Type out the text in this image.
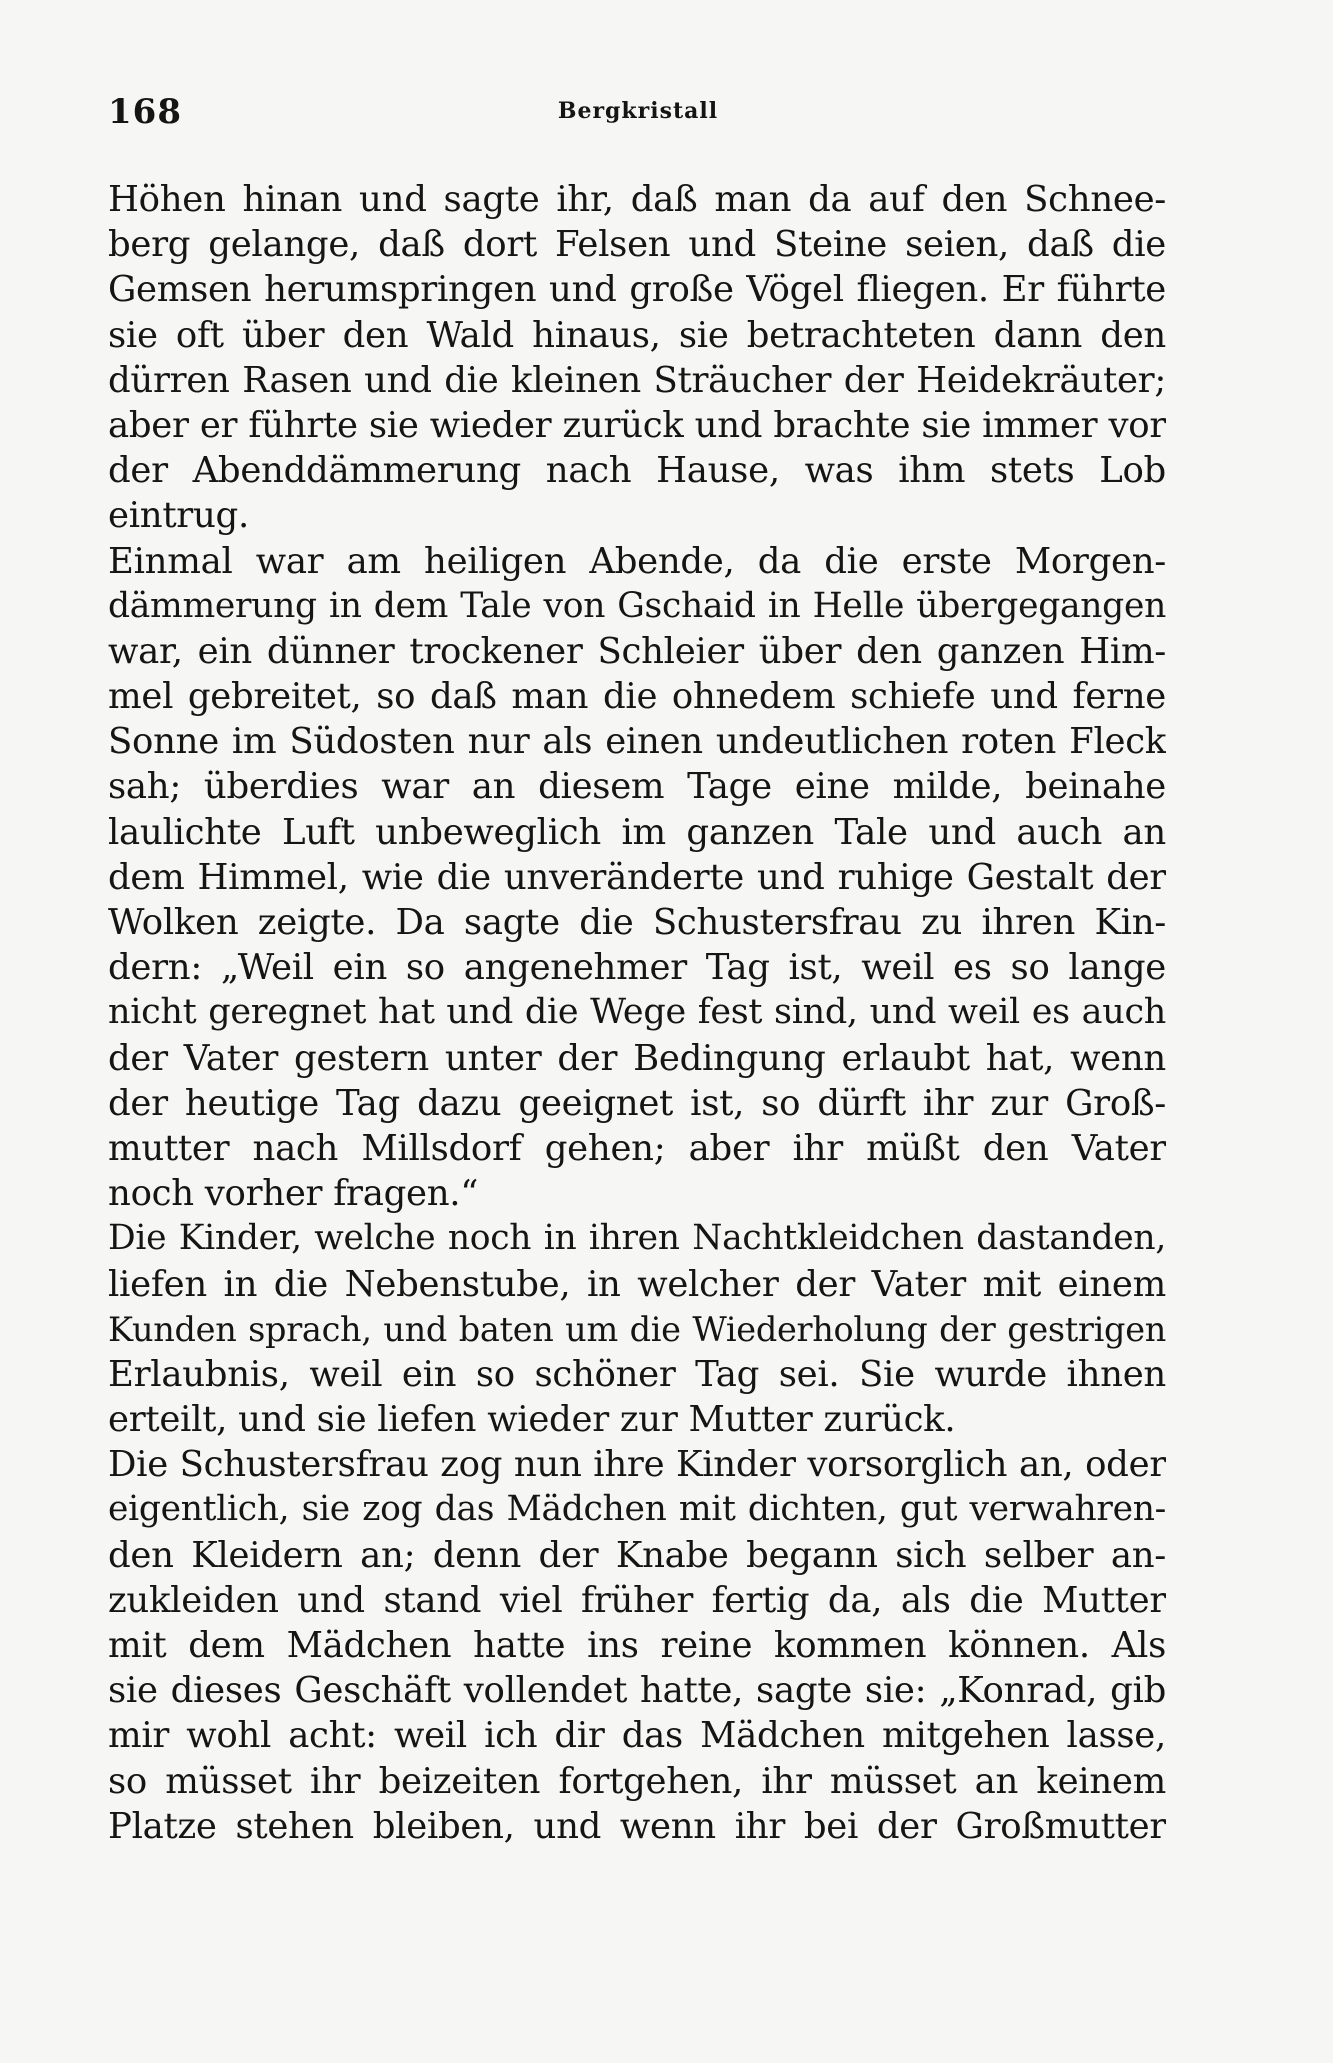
168	Bergkristall
Höhen hinan und sagte ihr, daß man da auf den Schnee-
berg gelange, daß dort Felsen und Steine seien, daß die
Gemsen herumspringen und große Vögel fliegen. Er führte
sie oft über den Wald hinaus, sie betrachteten dann den
dürren Rasen und die kleinen Sträucher der Heidekräuter;
aber er führte sie wieder zurück und brachte sie immer vor
der Abenddämmerung nach Hause, was ihm stets Lob
eintrug.
Einmal war am heiligen Abende, da die erste Morgen-
dämmerung in dem Tale von Gschaid in Helle übergegangen
war, ein dünner trockener Schleier über den ganzen Him-
mel gebreitet, so daß man die ohnedem schiefe und ferne
Sonne im Südosten nur als einen undeutlichen roten Fleck
sah; überdies war an diesem Tage eine milde, beinahe
laulichte Luft unbeweglich im ganzen Tale und auch an
dem Himmel, wie die unveränderte und ruhige Gestalt der
Wolken zeigte. Da sagte die Schustersfrau zu ihren Kin-
dern: „Weil ein so angenehmer Tag ist, weil es so lange
nicht geregnet hat und die Wege fest sind, und weil es auch
der Vater gestern unter der Bedingung erlaubt hat, wenn
der heutige Tag dazu geeignet ist, so dürft ihr zur Groß-
mutter nach Millsdorf gehen; aber ihr müßt den Vater
noch vorher fragen.“
Die Kinder, welche noch in ihren Nachtkleidchen dastanden,
liefen in die Nebenstube, in welcher der Vater mit einem
Kunden sprach, und baten um die Wiederholung der gestrigen
Erlaubnis, weil ein so schöner Tag sei. Sie wurde ihnen
erteilt, und sie liefen wieder zur Mutter zurück.
Die Schustersfrau zog nun ihre Kinder vorsorglich an, oder
eigentlich, sie zog das Mädchen mit dichten, gut verwahren-
den Kleidern an; denn der Knabe begann sich selber an-
zukleiden und stand viel früher fertig da, als die Mutter
mit dem Mädchen hatte ins reine kommen können. Als
sie dieses Geschäft vollendet hatte, sagte sie: „Konrad, gib
mir wohl acht: weil ich dir das Mädchen mitgehen lasse,
so müsset ihr beizeiten fortgehen, ihr müsset an keinem
Platze stehen bleiben, und wenn ihr bei der Großmutter
